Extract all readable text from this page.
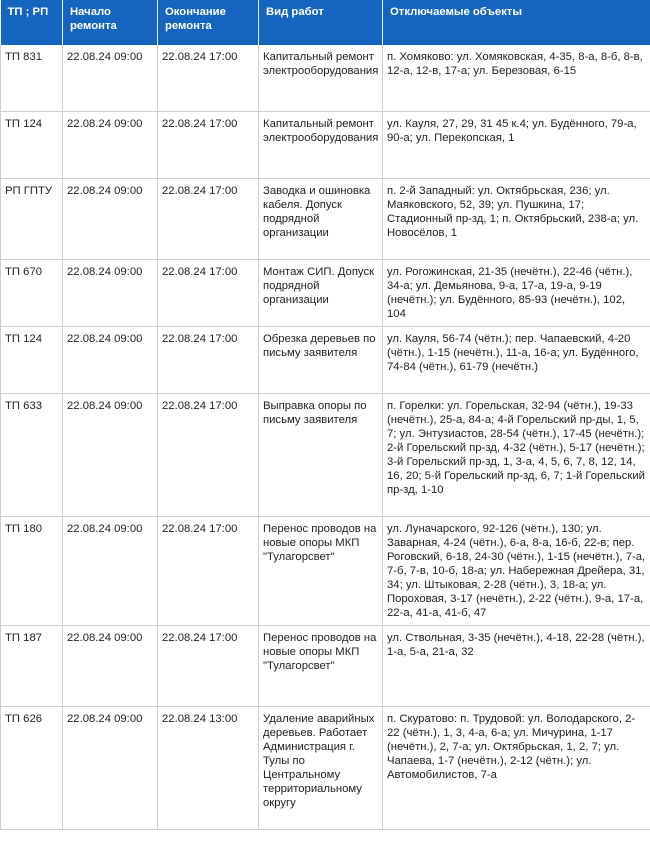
ТП ; РП	Начало ремонта	Окончание ремонта	Вид работ	Отключаемые объекты
ТП 831	22.08.24 09:00	22.08.24 17:00	Капитальный ремонт электрооборудования	п. Хомяково: ул. Хомяковская, 4-35, 8-а, 8-б, 8-в, 12-а, 12-в, 17-а; ул. Березовая, 6-15
ТП 124	22.08.24 09:00	22.08.24 17:00	Капитальный ремонт электрооборудования	ул. Кауля, 27, 29, 31 45 к.4; ул. Будённого, 79-а, 90-а; ул. Перекопская, 1
РП ГПТУ	22.08.24 09:00	22.08.24 17:00	Заводка и ошиновка кабеля. Допуск подрядной организации	п. 2-й Западный: ул. Октябрьская, 236; ул. Маяковского, 52, 39; ул. Пушкина, 17; Стадионный пр-зд, 1; п. Октябрьский, 238-а; ул. Новосёлов, 1
ТП 670	22.08.24 09:00	22.08.24 17:00	Монтаж СИП. Допуск подрядной организации	ул. Рогожинская, 21-35 (нечётн.), 22-46 (чётн.), 34-а; ул. Демьянова, 9-а, 17-а, 19-а, 9-19 (нечётн.); ул. Будённого, 85-93 (нечётн.), 102, 104
ТП 124	22.08.24 09:00	22.08.24 17:00	Обрезка деревьев по письму заявителя	ул. Кауля, 56-74 (чётн.); пер. Чапаевский, 4-20 (чётн.), 1-15 (нечётн.), 11-а, 16-а; ул. Будённого, 74-84 (чётн.), 61-79 (нечётн.)
ТП 633	22.08.24 09:00	22.08.24 17:00	Выправка опоры по письму заявителя	п. Горелки: ул. Горельская, 32-94 (чётн.), 19-33 (нечётн.), 25-а, 84-а; 4-й Горельский пр-ды, 1, 5, 7; ул. Энтузиастов, 28-54 (чётн.), 17-45 (нечётн.); 2-й Горельский пр-зд, 4-32 (чётн.), 5-17 (нечётн.); 3-й Горельский пр-зд, 1, 3-а, 4, 5, 6, 7, 8, 12, 14, 16, 20; 5-й Горельский пр-зд, 6, 7; 1-й Горельский пр-зд, 1-10
ТП 180	22.08.24 09:00	22.08.24 17:00	Перенос проводов на новые опоры МКП "Тулагорсвет"	ул. Луначарского, 92-126 (чётн.), 130; ул. Заварная, 4-24 (чётн.), 6-а, 8-а, 16-б, 22-в; пер. Роговский, 6-18, 24-30 (чётн.), 1-15 (нечётн.), 7-а, 7-б, 7-в, 10-б, 18-а; ул. Набережная Дрейера, 31, 34; ул. Штыковая, 2-28 (чётн.), 3, 18-а; ул. Пороховая, 3-17 (нечётн.), 2-22 (чётн.), 9-а, 17-а, 22-а, 41-а, 41-б, 47
ТП 187	22.08.24 09:00	22.08.24 17:00	Перенос проводов на новые опоры МКП "Тулагорсвет"	ул. Ствольная, 3-35 (нечётн.), 4-18, 22-28 (чётн.), 1-а, 5-а, 21-а, 32
ТП 626	22.08.24 09:00	22.08.24 13:00	Удаление аварийных деревьев. Работает Администрация г. Тулы по Центральному территориальному округу	п. Скуратово: п. Трудовой: ул. Володарского, 2-22 (чётн.), 1, 3, 4-а, 6-а; ул. Мичурина, 1-17 (нечётн.), 2, 7-а; ул. Октябрьская, 1, 2, 7; ул. Чапаева, 1-7 (нечётн.), 2-12 (чётн.); ул. Автомобилистов, 7-а
